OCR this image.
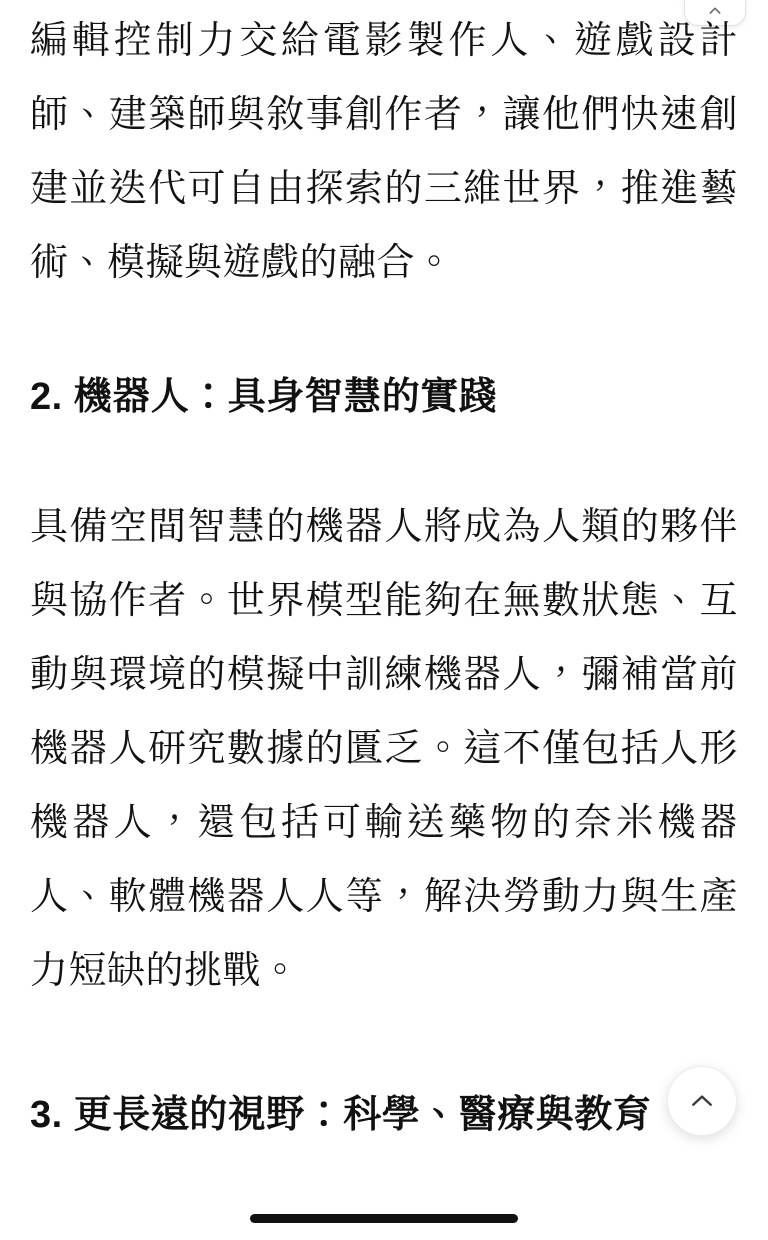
編輯控制力交給電影製作人、遊戲設計師、建築師與敘事創作者，讓他們快速創建並迭代可自由探索的三維世界，推進藝術、模擬與遊戲的融合。

2. 機器人：具身智慧的實踐

具備空間智慧的機器人將成為人類的夥伴與協作者。世界模型能夠在無數狀態、互動與環境的模擬中訓練機器人，彌補當前機器人研究數據的匱乏。這不僅包括人形機器人，還包括可輸送藥物的奈米機器人、軟體機器人人等，解決勞動力與生產力短缺的挑戰。

3. 更長遠的視野：科學、醫療與教育
